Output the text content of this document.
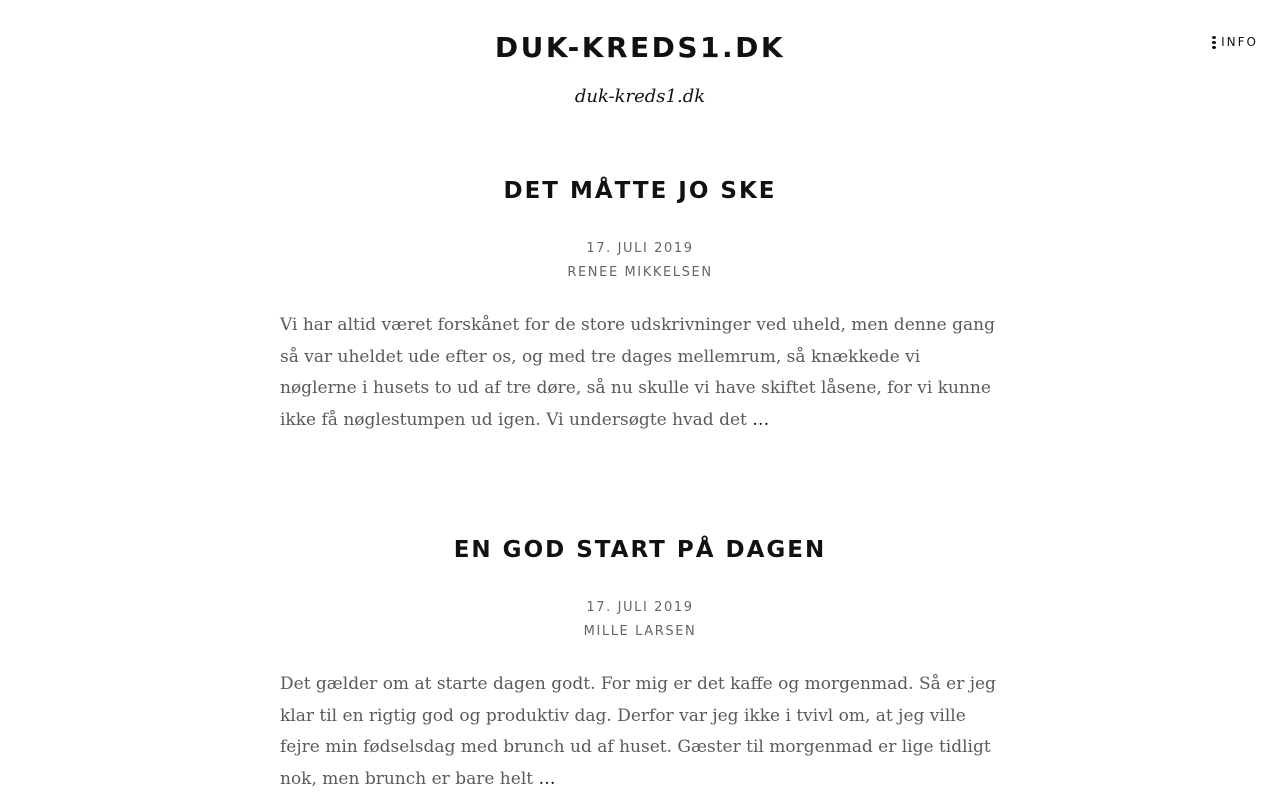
DUK-KREDS1.DK

duk-kreds1.dk

INFO
DET MÅTTE JO SKE
17. JULI 2019
RENEE MIKKELSEN

Vi har altid været forskånet for de store udskrivninger ved uheld, men denne gang så var uheldet ude efter os, og med tre dages mellemrum, så knækkede vi nøglerne i husets to ud af tre døre, så nu skulle vi have skiftet låsene, for vi kunne ikke få nøglestumpen ud igen. Vi undersøgte hvad det …

EN GOD START PÅ DAGEN
17. JULI 2019
MILLE LARSEN

Det gælder om at starte dagen godt. For mig er det kaffe og morgenmad. Så er jeg klar til en rigtig god og produktiv dag. Derfor var jeg ikke i tvivl om, at jeg ville fejre min fødselsdag med brunch ud af huset. Gæster til morgenmad er lige tidligt nok, men brunch er bare helt …
